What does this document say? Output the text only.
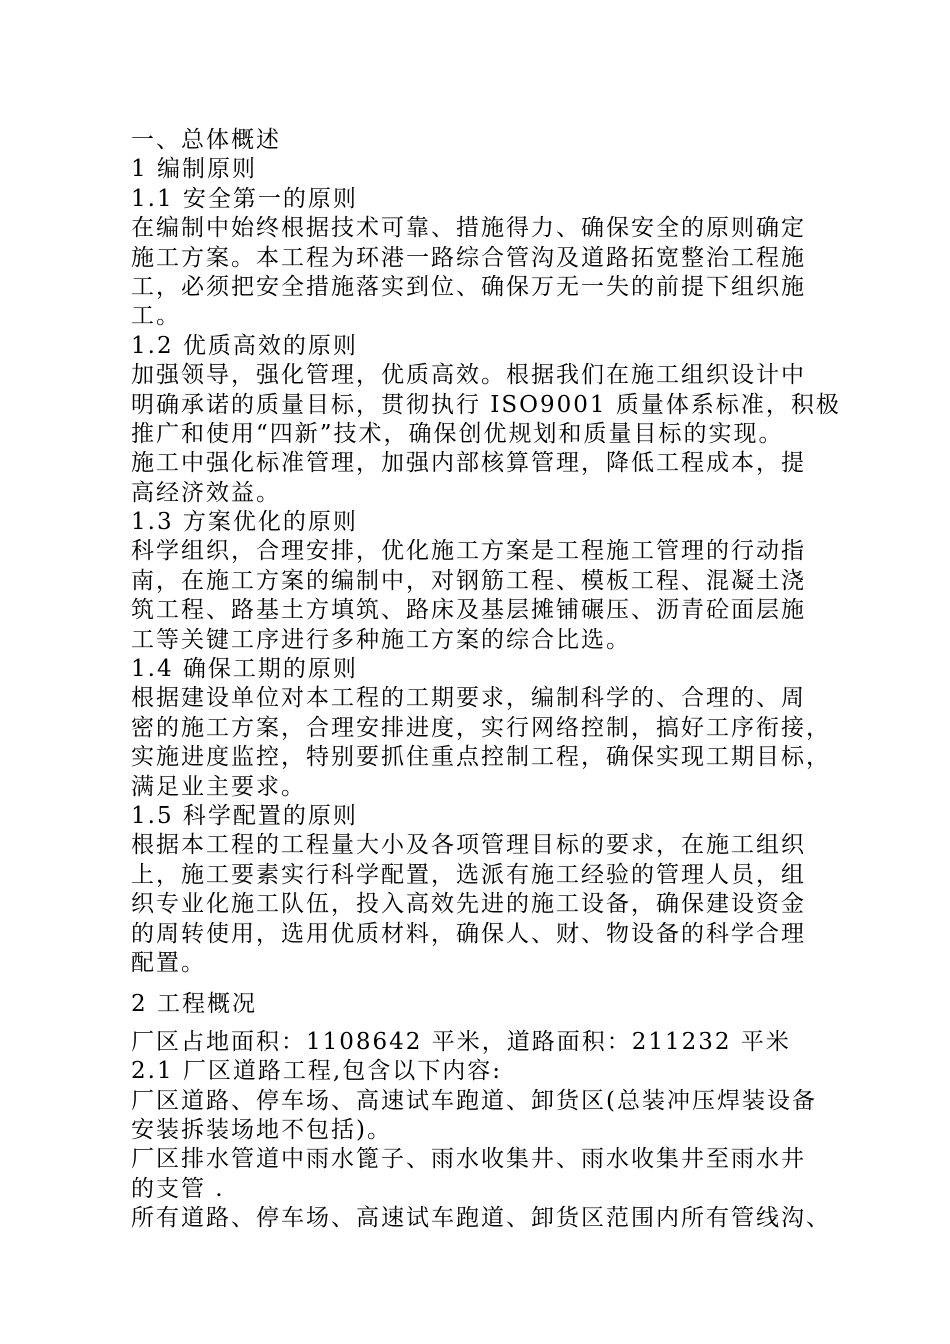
一、总体概述
1 编制原则
1.1 安全第一的原则
在编制中始终根据技术可靠、措施得力、确保安全的原则确定
施工方案。本工程为环港一路综合管沟及道路拓宽整治工程施
工，必须把安全措施落实到位、确保万无一失的前提下组织施
工。
1.2 优质高效的原则
加强领导，强化管理，优质高效。根据我们在施工组织设计中
明确承诺的质量目标，贯彻执行 ISO9001 质量体系标准，积极
推广和使用“四新”技术，确保创优规划和质量目标的实现。
施工中强化标准管理，加强内部核算管理，降低工程成本，提
高经济效益。
1.3 方案优化的原则
科学组织，合理安排，优化施工方案是工程施工管理的行动指
南，在施工方案的编制中，对钢筋工程、模板工程、混凝土浇
筑工程、路基土方填筑、路床及基层摊铺碾压、沥青砼面层施
工等关键工序进行多种施工方案的综合比选。
1.4 确保工期的原则
根据建设单位对本工程的工期要求，编制科学的、合理的、周
密的施工方案，合理安排进度，实行网络控制，搞好工序衔接，
实施进度监控，特别要抓住重点控制工程，确保实现工期目标，
满足业主要求。
1.5 科学配置的原则
根据本工程的工程量大小及各项管理目标的要求，在施工组织
上，施工要素实行科学配置，选派有施工经验的管理人员，组
织专业化施工队伍，投入高效先进的施工设备，确保建设资金
的周转使用，选用优质材料，确保人、财、物设备的科学合理
配置。
2 工程概况
厂区占地面积：1108642 平米，道路面积：211232 平米
2.1 厂区道路工程,包含以下内容:
厂区道路、停车场、高速试车跑道、卸货区(总装冲压焊装设备
安装拆装场地不包括)。
厂区排水管道中雨水篦子、雨水收集井、雨水收集井至雨水井
的支管 .
所有道路、停车场、高速试车跑道、卸货区范围内所有管线沟、
